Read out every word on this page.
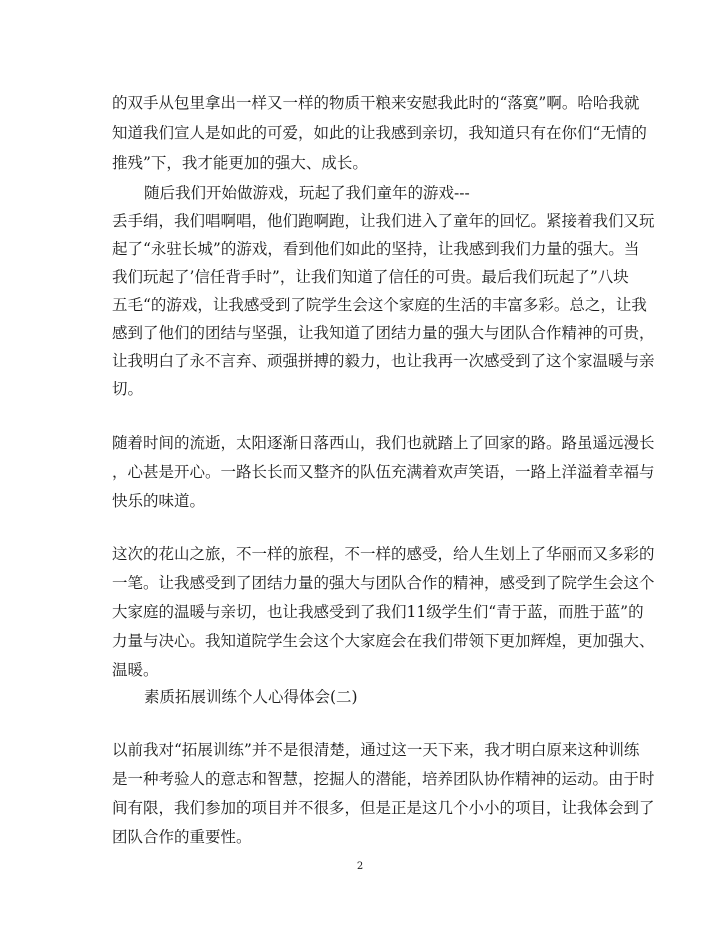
的双手从包里拿出一样又一样的物质干粮来安慰我此时的“落寞”啊。哈哈我就
知道我们宣人是如此的可爱，如此的让我感到亲切，我知道只有在你们“无情的
推残”下，我才能更加的强大、成长。
随后我们开始做游戏，玩起了我们童年的游戏---
丢手绢，我们唱啊唱，他们跑啊跑，让我们进入了童年的回忆。紧接着我们又玩
起了“永驻长城”的游戏，看到他们如此的坚持，让我感到我们力量的强大。当
我们玩起了’信任背手时”，让我们知道了信任的可贵。最后我们玩起了”八块
五毛“的游戏，让我感受到了院学生会这个家庭的生活的丰富多彩。总之，让我
感到了他们的团结与坚强，让我知道了团结力量的强大与团队合作精神的可贵，
让我明白了永不言弃、顽强拼搏的毅力，也让我再一次感受到了这个家温暖与亲
切。
随着时间的流逝，太阳逐渐日落西山，我们也就踏上了回家的路。路虽遥远漫长
，心甚是开心。一路长长而又整齐的队伍充满着欢声笑语，一路上洋溢着幸福与
快乐的味道。
这次的花山之旅，不一样的旅程，不一样的感受，给人生划上了华丽而又多彩的
一笔。让我感受到了团结力量的强大与团队合作的精神，感受到了院学生会这个
大家庭的温暖与亲切，也让我感受到了我们11级学生们“青于蓝，而胜于蓝”的
力量与决心。我知道院学生会这个大家庭会在我们带领下更加辉煌，更加强大、
温暖。
素质拓展训练个人心得体会(二)
以前我对“拓展训练”并不是很清楚，通过这一天下来，我才明白原来这种训练
是一种考验人的意志和智慧，挖掘人的潜能，培养团队协作精神的运动。由于时
间有限，我们参加的项目并不很多，但是正是这几个小小的项目，让我体会到了
团队合作的重要性。
2
